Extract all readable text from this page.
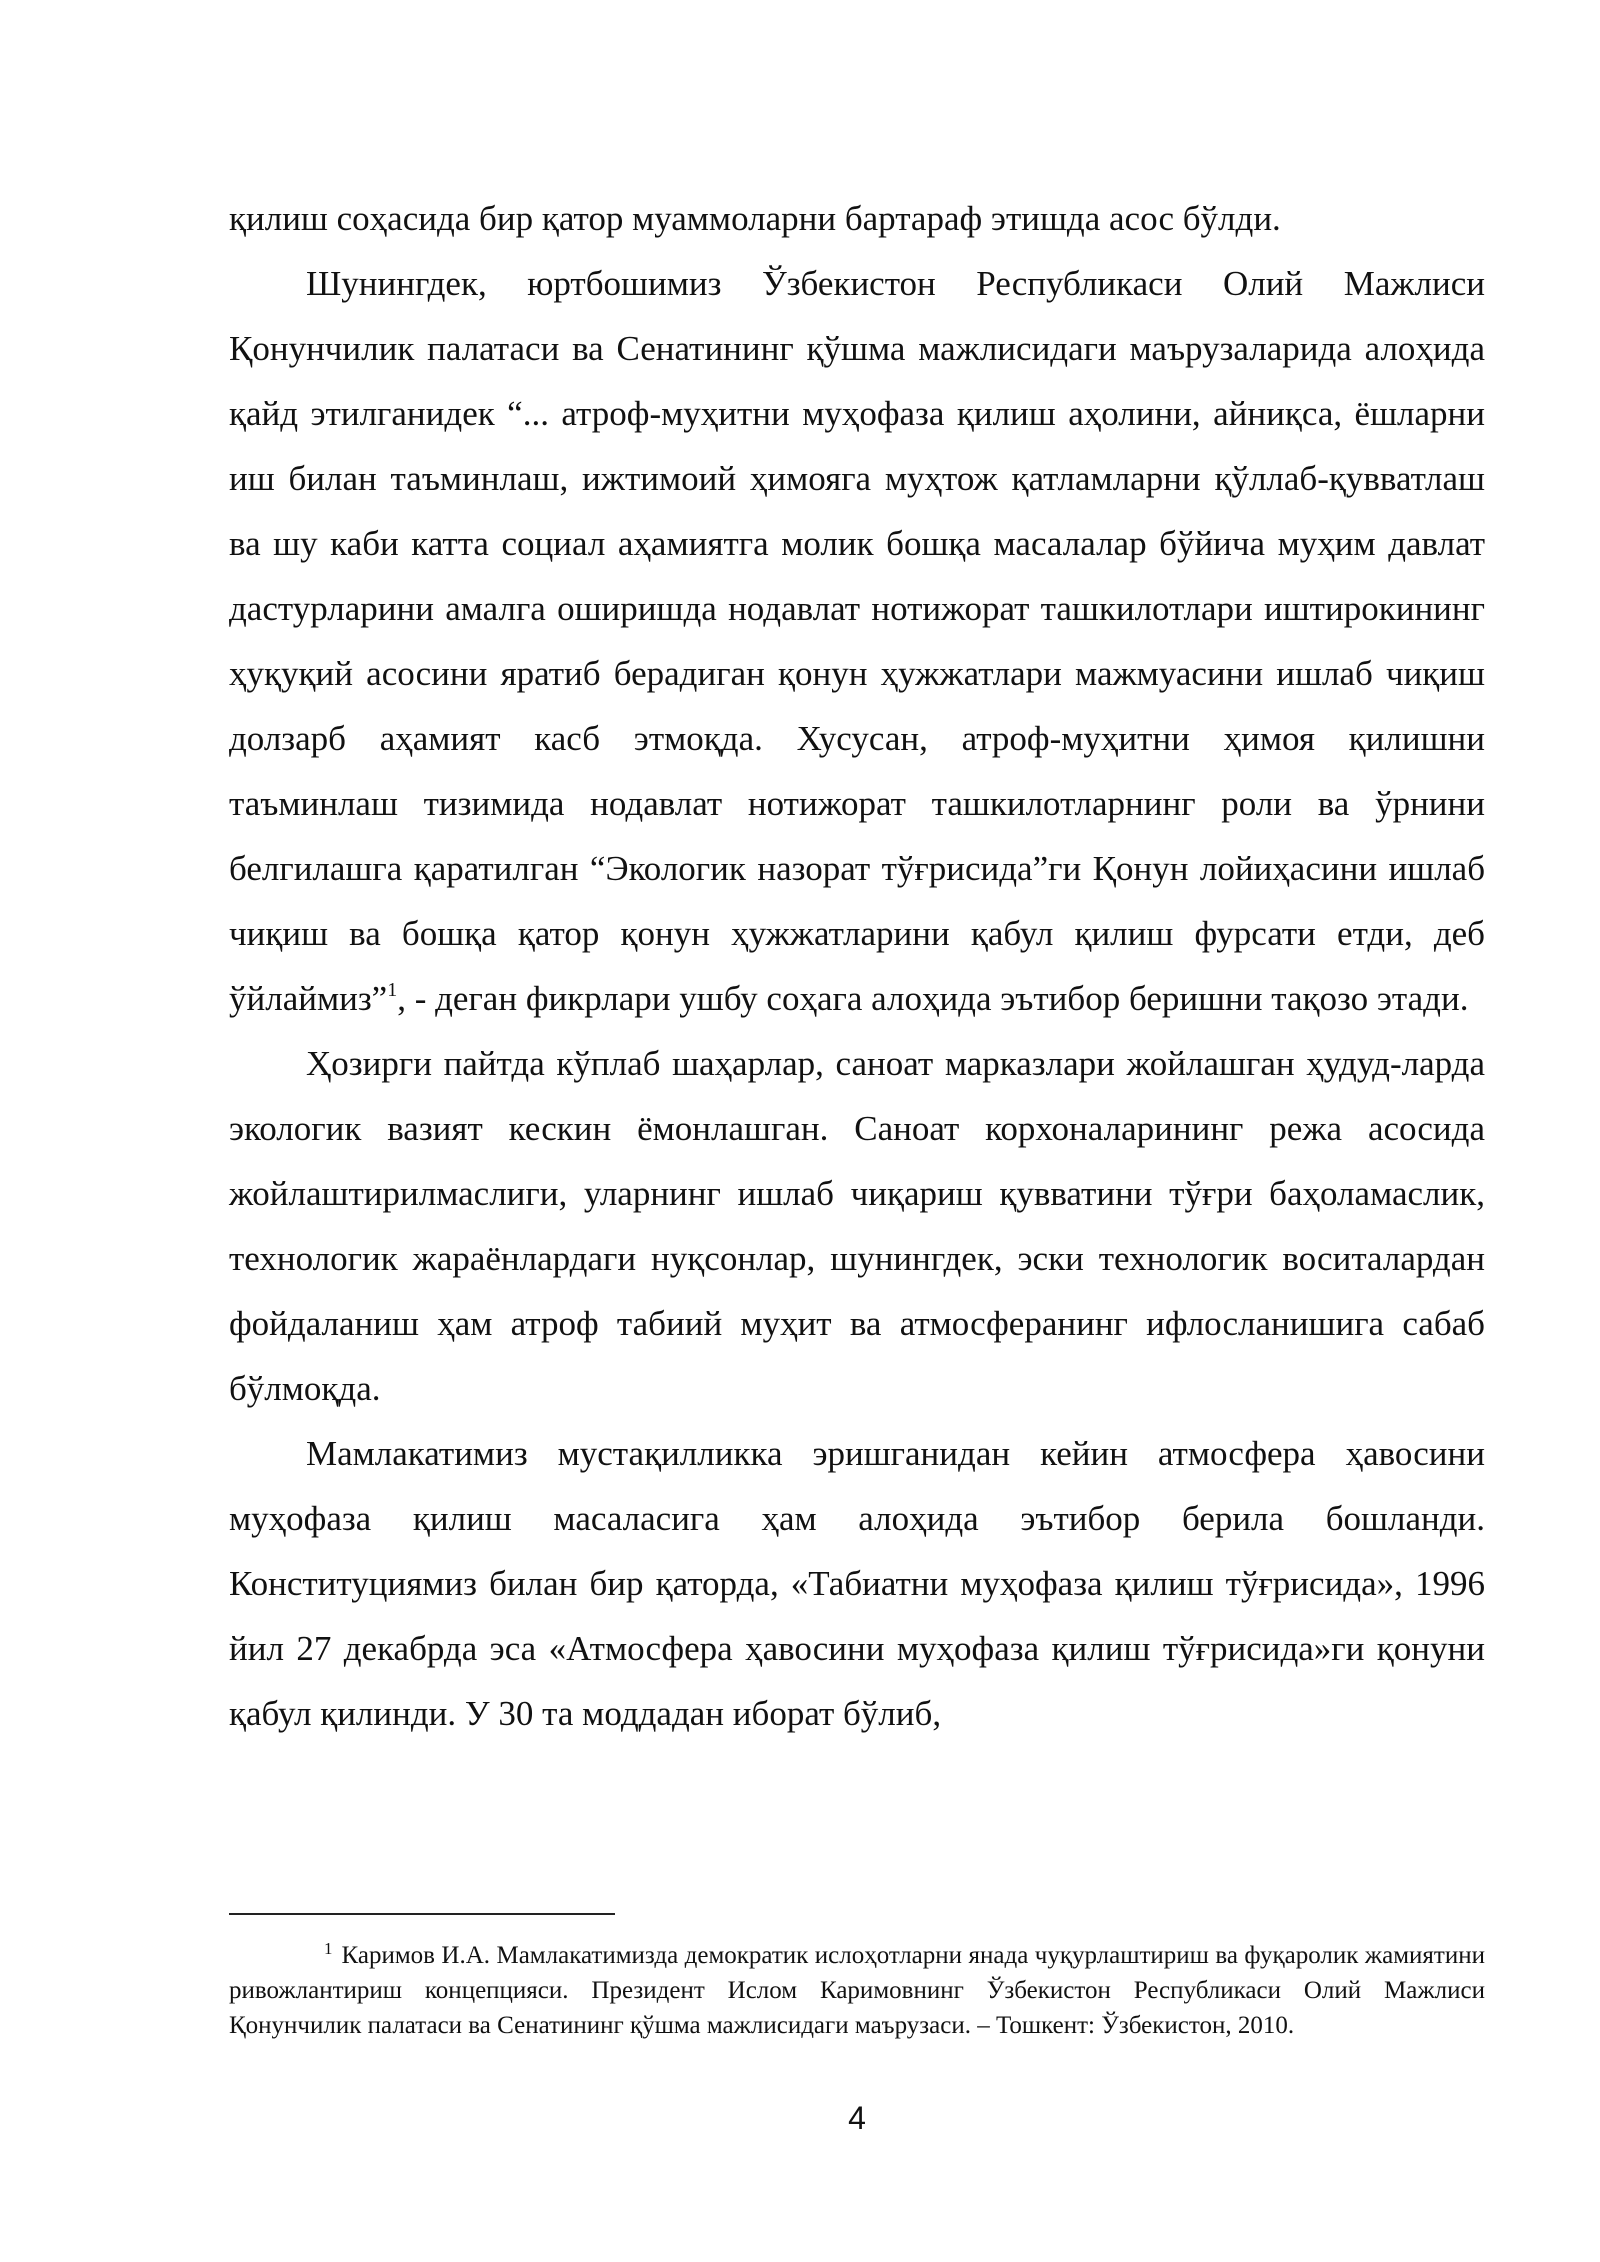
қилиш соҳасида бир қатор муаммоларни бартараф этишда асос бўлди.

Шунингдек, юртбошимиз Ўзбекистон Республикаси Олий Мажлиси Қонунчилик палатаси ва Сенатининг қўшма мажлисидаги маърузаларида алоҳида қайд этилганидек “... атроф-муҳитни муҳофаза қилиш аҳолини, айниқса, ёшларни иш билан таъминлаш, ижтимоий ҳимояга муҳтож қатламларни қўллаб-қувватлаш ва шу каби катта социал аҳамиятга молик бошқа масалалар бўйича муҳим давлат дастурларини амалга оширишда нодавлат нотижорат ташкилотлари иштирокининг ҳуқуқий асосини яратиб берадиган қонун ҳужжатлари мажмуасини ишлаб чиқиш долзарб аҳамият касб этмоқда. Хусусан, атроф-муҳитни ҳимоя қилишни таъминлаш тизимида нодавлат нотижорат ташкилотларнинг роли ва ўрнини белгилашга қаратилган “Экологик назорат тўғрисида”ги Қонун лойиҳасини ишлаб чиқиш ва бошқа қатор қонун ҳужжатларини қабул қилиш фурсати етди, деб ўйлаймиз”$^1$, - деган фикрлари ушбу соҳага алоҳида эътибор беришни тақозо этади.

Ҳозирги пайтда кўплаб шаҳарлар, саноат марказлари жойлашган ҳудуд-ларда экологик вазият кескин ёмонлашган. Саноат корхоналарининг режа асосида жойлаштирилмаслиги, уларнинг ишлаб чиқариш қувватини тўғри баҳоламаслик, технологик жараёнлардаги нуқсонлар, шунингдек, эски технологик воситалардан фойдаланиш ҳам атроф табиий муҳит ва атмосферанинг ифлосланишига сабаб бўлмоқда.

Мамлакатимиз мустақилликка эришганидан кейин атмосфера ҳавосини муҳофаза қилиш масаласига ҳам алоҳида эътибор берила бошланди. Конституциямиз билан бир қаторда, «Табиатни муҳофаза қилиш тўғрисида», 1996 йил 27 декабрда эса «Атмосфера ҳавосини муҳофаза қилиш тўғрисида»ги қонуни қабул қилинди. У 30 та моддадан иборат бўлиб,

1 Каримов И.А. Мамлакатимизда демократик ислоҳотларни янада чуқурлаштириш ва фуқаролик жамиятини ривожлантириш концепцияси. Президент Ислом Каримовнинг Ўзбекистон Республикаси Олий Мажлиси Қонунчилик палатаси ва Сенатининг қўшма мажлисидаги маърузаси. – Тошкент: Ўзбекистон, 2010.

4
